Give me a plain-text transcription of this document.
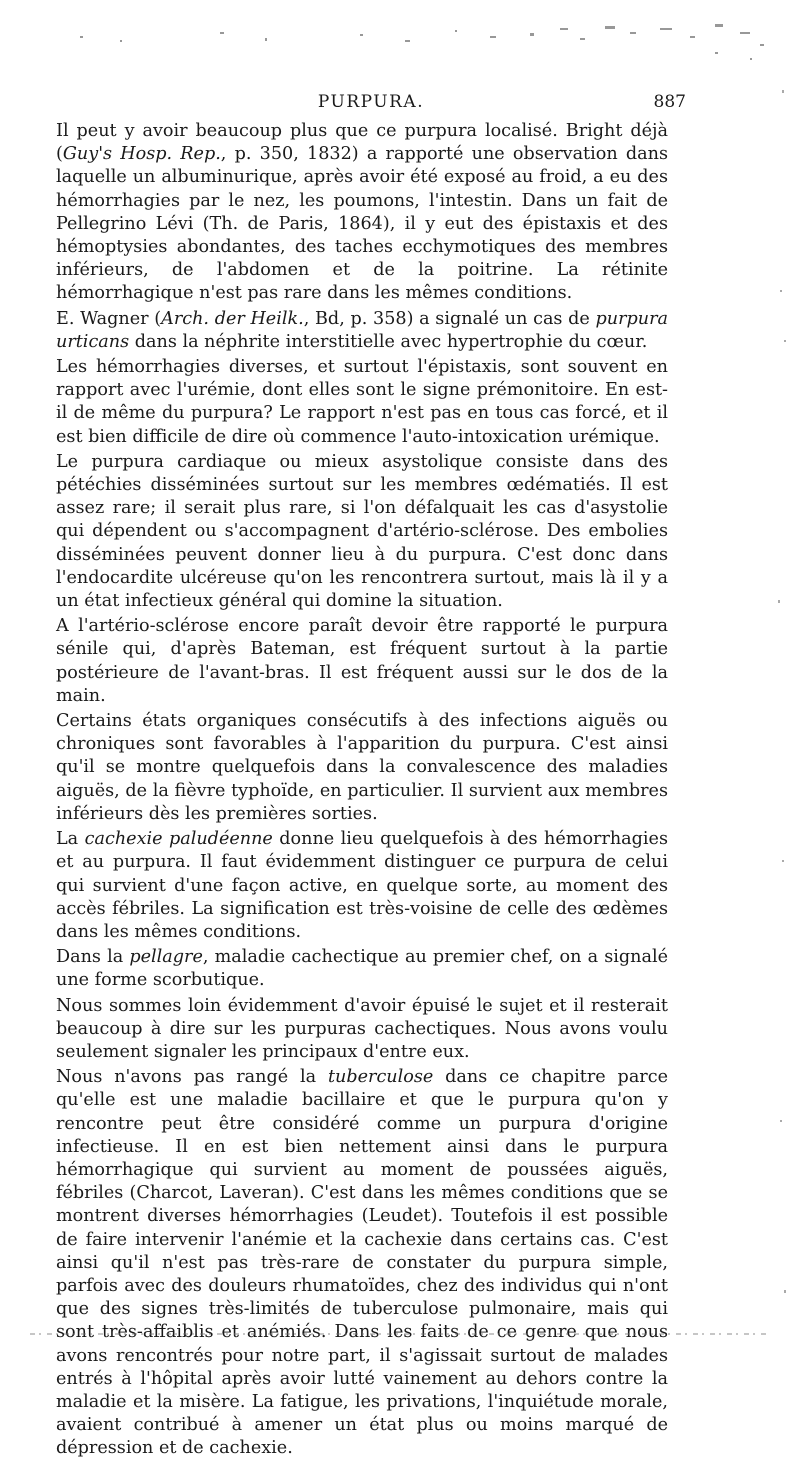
PURPURA.	887

Il peut y avoir beaucoup plus que ce purpura localisé. Bright déjà (Guy's Hosp. Rep., p. 350, 1832) a rapporté une observation dans laquelle un albuminurique, après avoir été exposé au froid, a eu des hémorrhagies par le nez, les poumons, l'intestin. Dans un fait de Pellegrino Lévi (Th. de Paris, 1864), il y eut des épistaxis et des hémoptysies abondantes, des taches ecchymotiques des membres inférieurs, de l'abdomen et de la poitrine. La rétinite hémorrhagique n'est pas rare dans les mêmes conditions.

E. Wagner (Arch. der Heilk., Bd, p. 358) a signalé un cas de purpura urticans dans la néphrite interstitielle avec hypertrophie du cœur.

Les hémorrhagies diverses, et surtout l'épistaxis, sont souvent en rapport avec l'urémie, dont elles sont le signe prémonitoire. En est-il de même du purpura? Le rapport n'est pas en tous cas forcé, et il est bien difficile de dire où commence l'auto-intoxication urémique.

Le purpura cardiaque ou mieux asystolique consiste dans des pétéchies disséminées surtout sur les membres œdématiés. Il est assez rare; il serait plus rare, si l'on défalquait les cas d'asystolie qui dépendent ou s'accompagnent d'artério-sclérose. Des embolies disséminées peuvent donner lieu à du purpura. C'est donc dans l'endocardite ulcéreuse qu'on les rencontrera surtout, mais là il y a un état infectieux général qui domine la situation.

A l'artério-sclérose encore paraît devoir être rapporté le purpura sénile qui, d'après Bateman, est fréquent surtout à la partie postérieure de l'avant-bras. Il est fréquent aussi sur le dos de la main.

Certains états organiques consécutifs à des infections aiguës ou chroniques sont favorables à l'apparition du purpura. C'est ainsi qu'il se montre quelquefois dans la convalescence des maladies aiguës, de la fièvre typhoïde, en particulier. Il survient aux membres inférieurs dès les premières sorties.

La cachexie paludéenne donne lieu quelquefois à des hémorrhagies et au purpura. Il faut évidemment distinguer ce purpura de celui qui survient d'une façon active, en quelque sorte, au moment des accès fébriles. La signification est très-voisine de celle des œdèmes dans les mêmes conditions.

Dans la pellagre, maladie cachectique au premier chef, on a signalé une forme scorbutique.

Nous sommes loin évidemment d'avoir épuisé le sujet et il resterait beaucoup à dire sur les purpuras cachectiques. Nous avons voulu seulement signaler les principaux d'entre eux.

Nous n'avons pas rangé la tuberculose dans ce chapitre parce qu'elle est une maladie bacillaire et que le purpura qu'on y rencontre peut être considéré comme un purpura d'origine infectieuse. Il en est bien nettement ainsi dans le purpura hémorrhagique qui survient au moment de poussées aiguës, fébriles (Charcot, Laveran). C'est dans les mêmes conditions que se montrent diverses hémorrhagies (Leudet). Toutefois il est possible de faire intervenir l'anémie et la cachexie dans certains cas. C'est ainsi qu'il n'est pas très-rare de constater du purpura simple, parfois avec des douleurs rhumatoïdes, chez des individus qui n'ont que des signes très-limités de tuberculose pulmonaire, mais qui sont très-affaiblis et anémiés. Dans les faits de ce genre que nous avons rencontrés pour notre part, il s'agissait surtout de malades entrés à l'hôpital après avoir lutté vainement au dehors contre la maladie et la misère. La fatigue, les privations, l'inquiétude morale, avaient contribué à amener un état plus ou moins marqué de dépression et de cachexie.
